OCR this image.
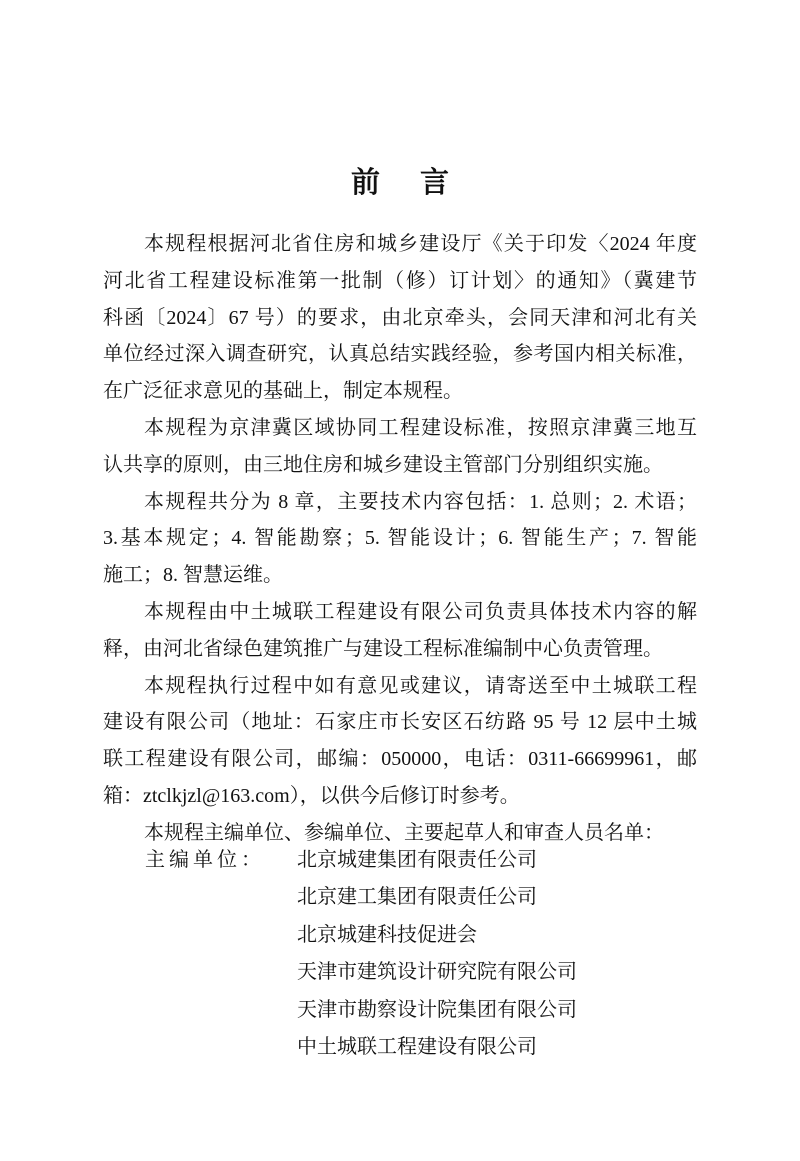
前言
本规程根据河北省住房和城乡建设厅《关于印发〈2024 年度
河北省工程建设标准第一批制（修）订计划〉的通知》（冀建节
科函〔2024〕67 号）的要求，由北京牵头，会同天津和河北有关
单位经过深入调查研究，认真总结实践经验，参考国内相关标准，
在广泛征求意见的基础上，制定本规程。
本规程为京津冀区域协同工程建设标准，按照京津冀三地互
认共享的原则，由三地住房和城乡建设主管部门分别组织实施。
本规程共分为 8 章，主要技术内容包括：1. 总则；2. 术语；
3.基本规定；4. 智能勘察；5. 智能设计；6. 智能生产；7. 智能
施工；8. 智慧运维。
本规程由中土城联工程建设有限公司负责具体技术内容的解
释，由河北省绿色建筑推广与建设工程标准编制中心负责管理。
本规程执行过程中如有意见或建议，请寄送至中土城联工程
建设有限公司（地址：石家庄市长安区石纺路 95 号 12 层中土城
联工程建设有限公司，邮编：050000，电话：0311-66699961，邮
箱：ztclkjzl@163.com），以供今后修订时参考。
本规程主编单位、参编单位、主要起草人和审查人员名单：
主编单位： 北京城建集团有限责任公司
北京建工集团有限责任公司
北京城建科技促进会
天津市建筑设计研究院有限公司
天津市勘察设计院集团有限公司
中土城联工程建设有限公司
